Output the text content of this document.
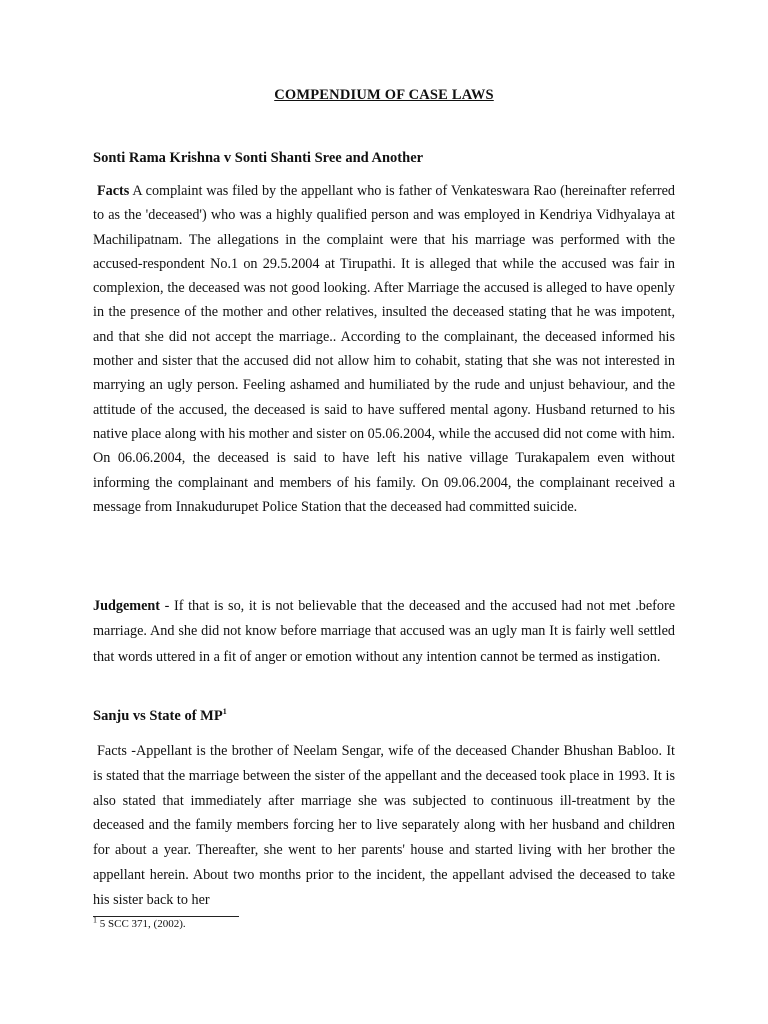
COMPENDIUM OF CASE LAWS
Sonti Rama Krishna v Sonti Shanti Sree and Another

Facts A complaint was filed by the appellant who is father of Venkateswara Rao (hereinafter referred to as the 'deceased') who was a highly qualified person and was employed in Kendriya Vidhyalaya at Machilipatnam. The allegations in the complaint were that his marriage was performed with the accused-respondent No.1 on 29.5.2004 at Tirupathi. It is alleged that while the accused was fair in complexion, the deceased was not good looking. After Marriage the accused is alleged to have openly in the presence of the mother and other relatives, insulted the deceased stating that he was impotent, and that she did not accept the marriage.. According to the complainant, the deceased informed his mother and sister that the accused did not allow him to cohabit, stating that she was not interested in marrying an ugly person. Feeling ashamed and humiliated by the rude and unjust behaviour, and the attitude of the accused, the deceased is said to have suffered mental agony. Husband returned to his native place along with his mother and sister on 05.06.2004, while the accused did not come with him. On 06.06.2004, the deceased is said to have left his native village Turakapalem even without informing the complainant and members of his family. On 09.06.2004, the complainant received a message from Innakudurupet Police Station that the deceased had committed suicide.

Judgement - If that is so, it is not believable that the deceased and the accused had not met .before marriage. And she did not know before marriage that accused was an ugly man It is fairly well settled that words uttered in a fit of anger or emotion without any intention cannot be termed as instigation.

Sanju vs State of $MP^1$

Facts -Appellant is the brother of Neelam Sengar, wife of the deceased Chander Bhushan Babloo. It is stated that the marriage between the sister of the appellant and the deceased took place in 1993. It is also stated that immediately after marriage she was subjected to continuous ill-treatment by the deceased and the family members forcing her to live separately along with her husband and children for about a year. Thereafter, she went to her parents' house and started living with her brother the appellant herein. About two months prior to the incident, the appellant advised the deceased to take his sister back to her

$^1$ 5 SCC 371, (2002).
